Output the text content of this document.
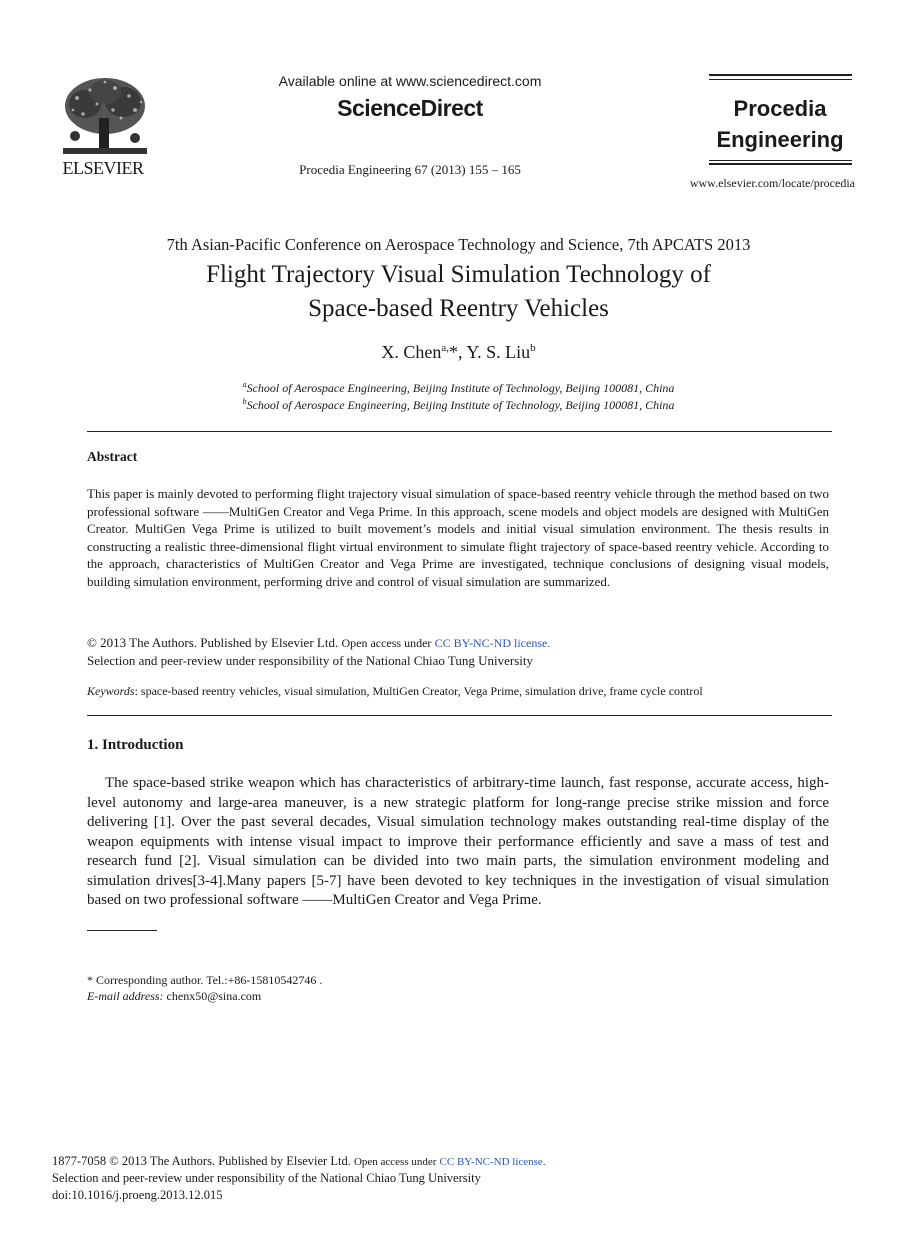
ELSEVIER
Available online at www.sciencedirect.com
ScienceDirect
Procedia Engineering 67 (2013) 155 – 165
Procedia
Engineering
www.elsevier.com/locate/procedia
7th Asian-Pacific Conference on Aerospace Technology and Science, 7th APCATS 2013
Flight Trajectory Visual Simulation Technology of
Space-based Reentry Vehicles
X. Chen$^{a,}$*, Y. S. Liu$^b$
$^a$School of Aerospace Engineering, Beijing Institute of Technology, Beijing 100081, China
$^b$School of Aerospace Engineering, Beijing Institute of Technology, Beijing 100081, China
Abstract
This paper is mainly devoted to performing flight trajectory visual simulation of space-based reentry vehicle through the method based on two professional software ——MultiGen Creator and Vega Prime. In this approach, scene models and object models are designed with MultiGen Creator. MultiGen Vega Prime is utilized to built movement’s models and initial visual simulation environment. The thesis results in constructing a realistic three-dimensional flight virtual environment to simulate flight trajectory of space-based reentry vehicle. According to the approach, characteristics of MultiGen Creator and Vega Prime are investigated, technique conclusions of designing visual models, building simulation environment, performing drive and control of visual simulation are summarized.
© 2013 The Authors. Published by Elsevier Ltd. Open access under CC BY-NC-ND license.
Selection and peer-review under responsibility of the National Chiao Tung University
Keywords: space-based reentry vehicles, visual simulation, MultiGen Creator, Vega Prime, simulation drive, frame cycle control
1. Introduction
The space-based strike weapon which has characteristics of arbitrary-time launch, fast response, accurate access, high-level autonomy and large-area maneuver, is a new strategic platform for long-range precise strike mission and force delivering [1]. Over the past several decades, Visual simulation technology makes outstanding real-time display of the weapon equipments with intense visual impact to improve their performance efficiently and save a mass of test and research fund [2]. Visual simulation can be divided into two main parts, the simulation environment modeling and simulation drives[3-4].Many papers [5-7] have been devoted to key techniques in the investigation of visual simulation based on two professional software ——MultiGen Creator and Vega Prime.
* Corresponding author. Tel.:+86-15810542746 .
E-mail address: chenx50@sina.com
1877-7058 © 2013 The Authors. Published by Elsevier Ltd. Open access under CC BY-NC-ND license.
Selection and peer-review under responsibility of the National Chiao Tung University
doi:10.1016/j.proeng.2013.12.015
